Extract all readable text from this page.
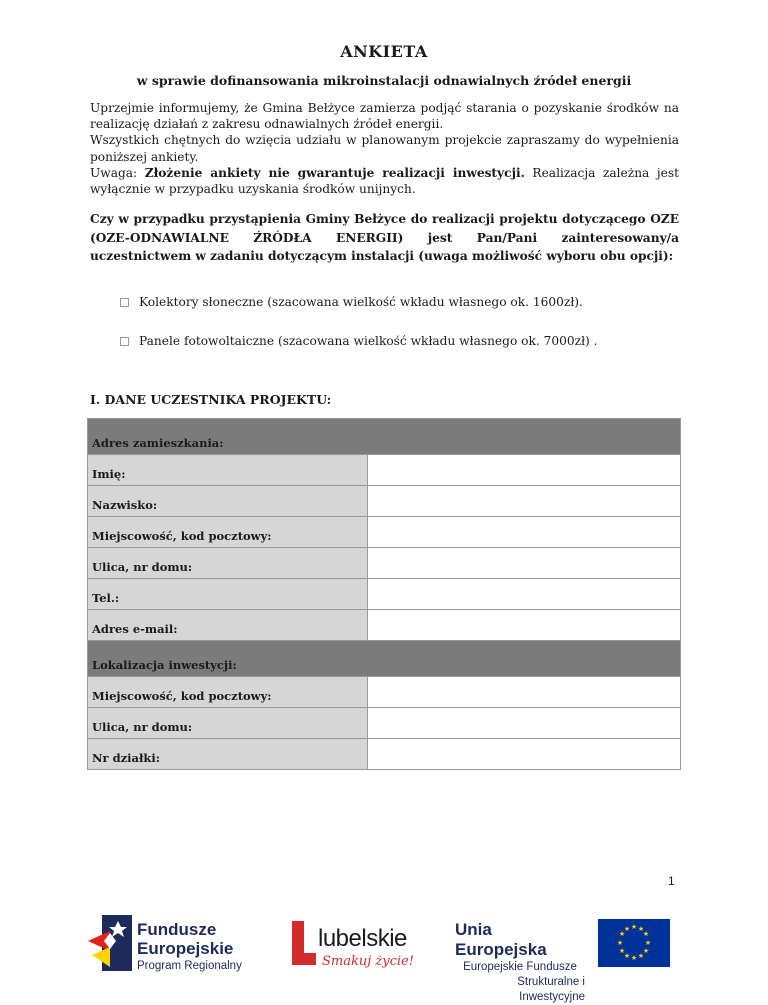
ANKIETA
w sprawie dofinansowania mikroinstalacji odnawialnych źródeł energii

Uprzejmie informujemy, że Gmina Bełżyce zamierza podjąć starania o pozyskanie środków na realizację działań z zakresu odnawialnych źródeł energii.

Wszystkich chętnych do wzięcia udziału w planowanym projekcie zapraszamy do wypełnienia poniższej ankiety.

Uwaga: Złożenie ankiety nie gwarantuje realizacji inwestycji. Realizacja zależna jest wyłącznie w przypadku uzyskania środków unijnych.

Czy w przypadku przystąpienia Gminy Bełżyce do realizacji projektu dotyczącego OZE (OZE-ODNAWIALNE ŹRÓDŁA ENERGII) jest Pan/Pani zainteresowany/a uczestnictwem w zadaniu dotyczącym instalacji (uwaga możliwość wyboru obu opcji):
Kolektory słoneczne (szacowana wielkość wkładu własnego ok. 1600zł).
Panele fotowoltaiczne (szacowana wielkość wkładu własnego ok. 7000zł) .
I. DANE UCZESTNIKA PROJEKTU:
Adres zamieszkania:	
Imię:	
Nazwisko:	
Miejscowość, kod pocztowy:	
Ulica, nr domu:	
Tel.:	
Adres e-mail:	
Lokalizacja inwestycji:	
Miejscowość, kod pocztowy:	
Ulica, nr domu:	
Nr działki:	
1
Fundusze
Europejskie
Program Regionalny
lubelskie
Smakuj życie!
Unia Europejska
Europejskie Fundusze
Strukturalne i Inwestycyjne
★ ★
★
★
★
★
★
★
★
★
★
★
